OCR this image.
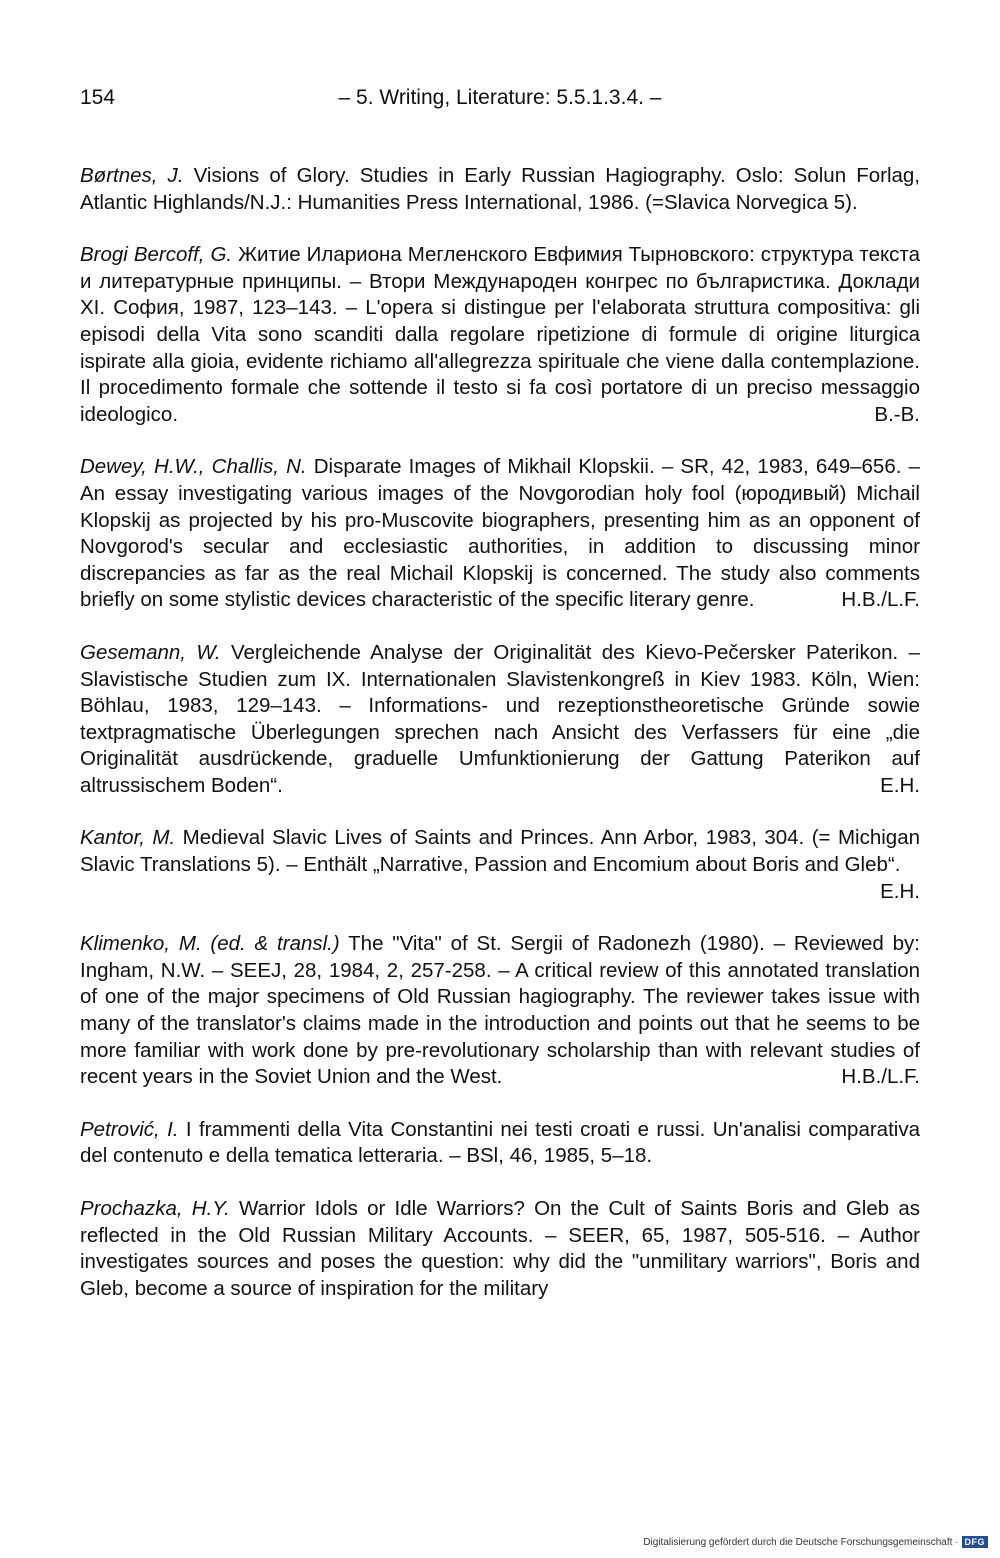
154	– 5. Writing, Literature: 5.5.1.3.4. –

Børtnes, J. Visions of Glory. Studies in Early Russian Hagiography. Oslo: Solun Forlag, Atlantic Highlands/N.J.: Humanities Press International, 1986. (=Slavica Norvegica 5).

Brogi Bercoff, G. Житие Илариона Мегленского Евфимия Тырновского: структура текста и литературные принципы. – Втори Международен конгрес по българистика. Доклади XI. София, 1987, 123–143. – L'opera si distingue per l'elaborata struttura compositiva: gli episodi della Vita sono scanditi dalla regolare ripetizione di formule di origine liturgica ispirate alla gioia, evidente richiamo all'allegrezza spirituale che viene dalla contemplazione. Il procedimento formale che sottende il testo si fa così portatore di un preciso messaggio ideologico.	B.-B.

Dewey, H.W., Challis, N. Disparate Images of Mikhail Klopskii. – SR, 42, 1983, 649–656. – An essay investigating various images of the Novgorodian holy fool (юродивый) Michail Klopskij as projected by his pro-Muscovite biographers, presenting him as an opponent of Novgorod's secular and ecclesiastic authorities, in addition to discussing minor discrepancies as far as the real Michail Klopskij is concerned. The study also comments briefly on some stylistic devices characteristic of the specific literary genre.	H.B./L.F.

Gesemann, W. Vergleichende Analyse der Originalität des Kievo-Pečersker Paterikon. – Slavistische Studien zum IX. Internationalen Slavistenkongreß in Kiev 1983. Köln, Wien: Böhlau, 1983, 129–143. – Informations- und rezeptionstheoretische Gründe sowie textpragmatische Überlegungen sprechen nach Ansicht des Verfassers für eine „die Originalität ausdrückende, graduelle Umfunktionierung der Gattung Paterikon auf altrussischem Boden“.	E.H.

Kantor, M. Medieval Slavic Lives of Saints and Princes. Ann Arbor, 1983, 304. (= Michigan Slavic Translations 5). – Enthält „Narrative, Passion and Encomium about Boris and Gleb“.
E.H.

Klimenko, M. (ed. & transl.) The "Vita" of St. Sergii of Radonezh (1980). – Reviewed by: Ingham, N.W. – SEEJ, 28, 1984, 2, 257-258. – A critical review of this annotated translation of one of the major specimens of Old Russian hagiography. The reviewer takes issue with many of the translator's claims made in the introduction and points out that he seems to be more familiar with work done by pre-revolutionary scholarship than with relevant studies of recent years in the Soviet Union and the West.	H.B./L.F.

Petrović, I. I frammenti della Vita Constantini nei testi croati e russi. Un'analisi comparativa del contenuto e della tematica letteraria. – BSl, 46, 1985, 5–18.

Prochazka, H.Y. Warrior Idols or Idle Warriors? On the Cult of Saints Boris and Gleb as reflected in the Old Russian Military Accounts. – SEER, 65, 1987, 505-516. – Author investigates sources and poses the question: why did the "unmilitary warriors", Boris and Gleb, become a source of inspiration for the military

Digitalisierung gefördert durch die Deutsche Forschungsgemeinschaft · DFG
